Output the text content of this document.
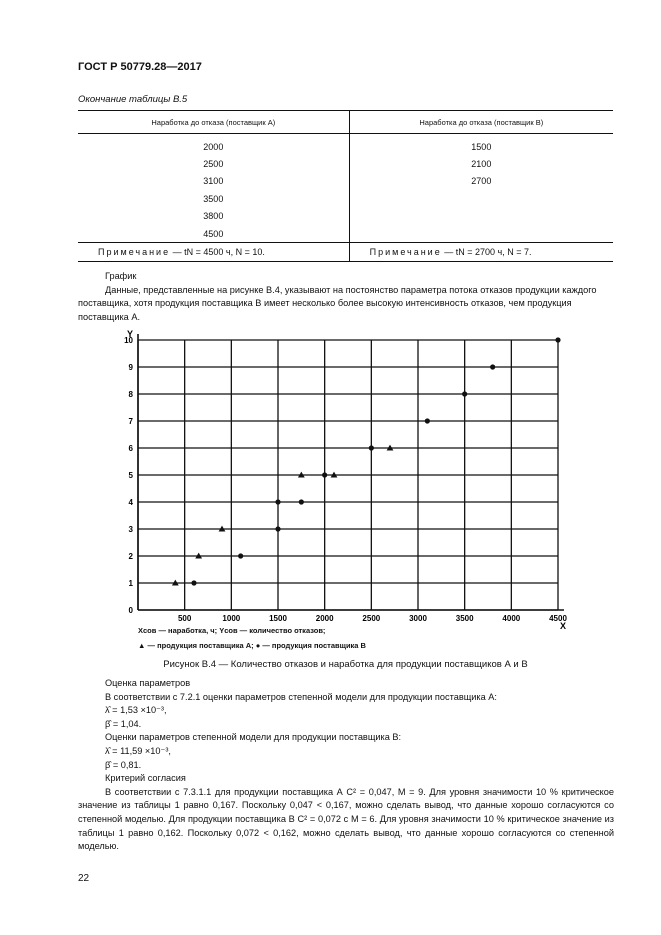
ГОСТ Р 50779.28—2017
Окончание таблицы В.5
Наработка до отказа (поставщик А)	Наработка до отказа (поставщик В)
2000	1500
2500	2100
3100	2700
3500	
3800	
4500	
Примечание — tN = 4500 ч, N = 10.	Примечание — tN = 2700 ч, N = 7.
График
Данные, представленные на рисунке В.4, указывают на постоянство параметра потока отказов продукции каждого поставщика, хотя продукция поставщика В имеет несколько более высокую интенсивность отказов, чем продукция поставщика А.
Y
X
500	1000	1500	2000	2500	3000	3500	4000	4500
1
2
3
4
5
6
7
8
9
10
0
Xсов — наработка, ч; Yсов — количество отказов;
▲ — продукция поставщика А; ● — продукция поставщика В
Рисунок В.4 — Количество отказов и наработка для продукции поставщиков А и В
Оценка параметров
В соответствии с 7.2.1 оценки параметров степенной модели для продукции поставщика А:
λ̂ = 1,53 ×10⁻³,
β̂ = 1,04.
Оценки параметров степенной модели для продукции поставщика В:
λ̂ = 11,59 ×10⁻³,
β̂ = 0,81.
Критерий согласия
В соответствии с 7.3.1.1 для продукции поставщика А C² = 0,047, M = 9. Для уровня значимости 10 % критическое значение из таблицы 1 равно 0,167. Поскольку 0,047 < 0,167, можно сделать вывод, что данные хорошо согласуются со степенной моделью. Для продукции поставщика В C² = 0,072 с M = 6. Для уровня значимости 10 % критическое значение из таблицы 1 равно 0,162. Поскольку 0,072 < 0,162, можно сделать вывод, что данные хорошо согласуются со степенной моделью.
22
